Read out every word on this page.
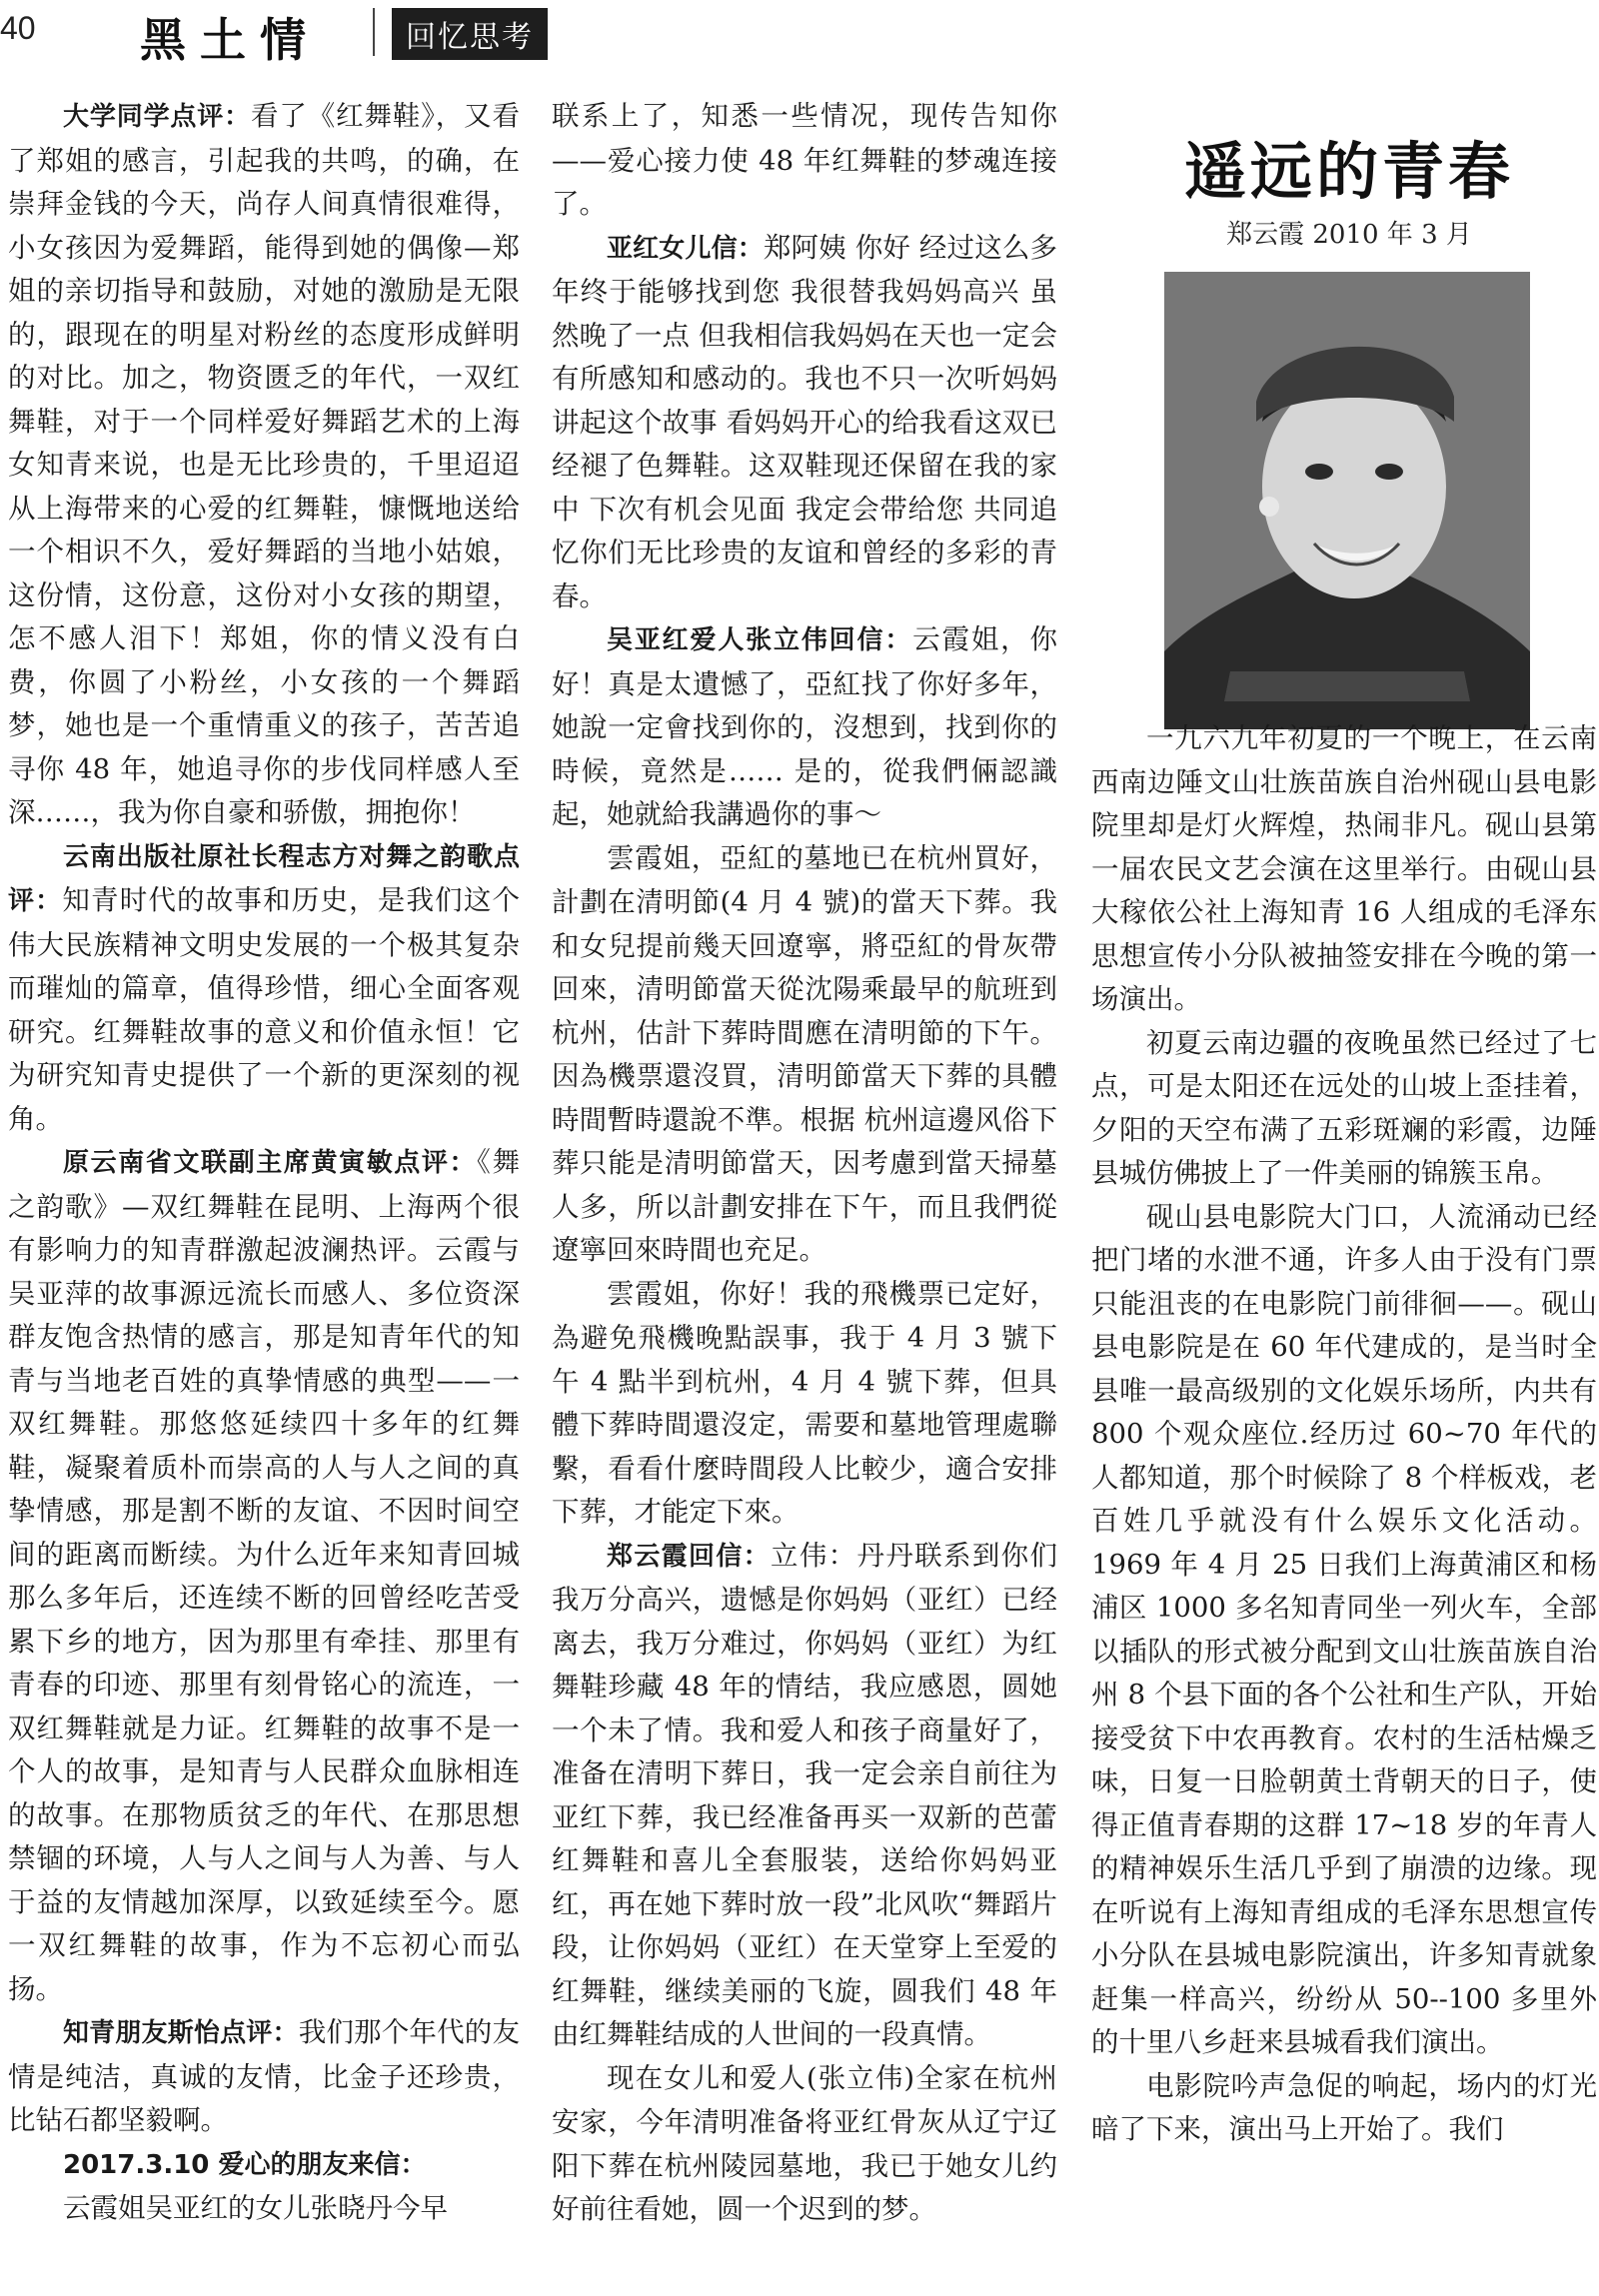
40 黑土情	回忆思考

大学同学点评：看了《红舞鞋》，又看了郑姐的感言，引起我的共鸣，的确，在崇拜金钱的今天，尚存人间真情很难得，小女孩因为爱舞蹈，能得到她的偶像—郑姐的亲切指导和鼓励，对她的激励是无限的，跟现在的明星对粉丝的态度形成鲜明的对比。加之，物资匮乏的年代，一双红舞鞋，对于一个同样爱好舞蹈艺术的上海女知青来说，也是无比珍贵的，千里迢迢从上海带来的心爱的红舞鞋，慷慨地送给一个相识不久，爱好舞蹈的当地小姑娘，这份情，这份意，这份对小女孩的期望，怎不感人泪下！郑姐，你的情义没有白费，你圆了小粉丝，小女孩的一个舞蹈梦，她也是一个重情重义的孩子，苦苦追寻你 48 年，她追寻你的步伐同样感人至深……，我为你自豪和骄傲，拥抱你！

云南出版社原社长程志方对舞之韵歌点评：知青时代的故事和历史，是我们这个伟大民族精神文明史发展的一个极其复杂而璀灿的篇章，值得珍惜，细心全面客观研究。红舞鞋故事的意义和价值永恒！它为研究知青史提供了一个新的更深刻的视角。

原云南省文联副主席黄寅敏点评：《舞之韵歌》—双红舞鞋在昆明、上海两个很有影响力的知青群激起波澜热评。云霞与吴亚萍的故事源远流长而感人、多位资深群友饱含热情的感言，那是知青年代的知青与当地老百姓的真挚情感的典型——一双红舞鞋。那悠悠延续四十多年的红舞鞋，凝聚着质朴而崇高的人与人之间的真挚情感，那是割不断的友谊、不因时间空间的距离而断续。为什么近年来知青回城那么多年后，还连续不断的回曾经吃苦受累下乡的地方，因为那里有牵挂、那里有青春的印迹、那里有刻骨铭心的流连，一双红舞鞋就是力证。红舞鞋的故事不是一个人的故事，是知青与人民群众血脉相连的故事。在那物质贫乏的年代、在那思想禁锢的环境，人与人之间与人为善、与人于益的友情越加深厚，以致延续至今。愿一双红舞鞋的故事，作为不忘初心而弘扬。

知青朋友斯怡点评：我们那个年代的友情是纯洁，真诚的友情，比金子还珍贵，比钻石都坚毅啊。

2017.3.10 爱心的朋友来信：

云霞姐吴亚红的女儿张晓丹今早

联系上了，知悉一些情况，现传告知你——爱心接力使 48 年红舞鞋的梦魂连接了。

亚红女儿信：郑阿姨 你好 经过这么多年终于能够找到您 我很替我妈妈高兴 虽然晚了一点 但我相信我妈妈在天也一定会有所感知和感动的。我也不只一次听妈妈讲起这个故事 看妈妈开心的给我看这双已经褪了色舞鞋。这双鞋现还保留在我的家中 下次有机会见面 我定会带给您 共同追忆你们无比珍贵的友谊和曾经的多彩的青春。

吴亚红爱人张立伟回信：云霞姐，你好！真是太遺憾了，亞紅找了你好多年，她說一定會找到你的，沒想到，找到你的時候，竟然是…… 是的，從我們倆認識起，她就給我講過你的事～

雲霞姐，亞紅的墓地已在杭州買好，計劃在清明節(4 月 4 號)的當天下葬。我和女兒提前幾天回遼寧，將亞紅的骨灰帶回來，清明節當天從沈陽乘最早的航班到杭州，估計下葬時間應在清明節的下午。因為機票還沒買，清明節當天下葬的具體時間暫時還說不準。根据 杭州這邊风俗下葬只能是清明節當天，因考慮到當天掃墓人多，所以計劃安排在下午，而且我們從遼寧回來時間也充足。

雲霞姐，你好！我的飛機票已定好，為避免飛機晚點誤事，我于 4 月 3 號下午 4 點半到杭州，4 月 4 號下葬，但具體下葬時間還沒定，需要和墓地管理處聯繫，看看什麼時間段人比較少，適合安排下葬，才能定下來。

郑云霞回信：立伟：丹丹联系到你们我万分高兴，遗憾是你妈妈（亚红）已经离去，我万分难过，你妈妈（亚红）为红舞鞋珍藏 48 年的情结，我应感恩，圆她一个未了情。我和爱人和孩子商量好了，准备在清明下葬日，我一定会亲自前往为亚红下葬，我已经准备再买一双新的芭蕾红舞鞋和喜儿全套服装，送给你妈妈亚红，再在她下葬时放一段”北风吹“舞蹈片段，让你妈妈（亚红）在天堂穿上至爱的红舞鞋，继续美丽的飞旋，圆我们 48 年由红舞鞋结成的人世间的一段真情。

现在女儿和爱人(张立伟)全家在杭州安家，今年清明准备将亚红骨灰从辽宁辽阳下葬在杭州陵园墓地，我已于她女儿约好前往看她，圆一个迟到的梦。

遥远的青春
郑云霞 2010 年 3 月

一九六九年初夏的一个晚上，在云南西南边陲文山壮族苗族自治州砚山县电影院里却是灯火辉煌，热闹非凡。砚山县第一届农民文艺会演在这里举行。由砚山县大稼依公社上海知青 16 人组成的毛泽东思想宣传小分队被抽签安排在今晚的第一场演出。

初夏云南边疆的夜晚虽然已经过了七点，可是太阳还在远处的山坡上歪挂着，夕阳的天空布满了五彩斑斓的彩霞，边陲县城仿佛披上了一件美丽的锦簇玉帛。

砚山县电影院大门口，人流涌动已经把门堵的水泄不通，许多人由于没有门票只能沮丧的在电影院门前徘徊——。砚山县电影院是在 60 年代建成的，是当时全县唯一最高级别的文化娱乐场所，内共有 800 个观众座位.经历过 60~70 年代的人都知道，那个时候除了 8 个样板戏，老百姓几乎就没有什么娱乐文化活动。1969 年 4 月 25 日我们上海黄浦区和杨浦区 1000 多名知青同坐一列火车，全部以插队的形式被分配到文山壮族苗族自治州 8 个县下面的各个公社和生产队，开始接受贫下中农再教育。农村的生活枯燥乏味，日复一日脸朝黄土背朝天的日子，使得正值青春期的这群 17~18 岁的年青人的精神娱乐生活几乎到了崩溃的边缘。现在听说有上海知青组成的毛泽东思想宣传小分队在县城电影院演出，许多知青就象赶集一样高兴，纷纷从 50--100 多里外的十里八乡赶来县城看我们演出。

电影院吟声急促的响起，场内的灯光暗了下来，演出马上开始了。我们
